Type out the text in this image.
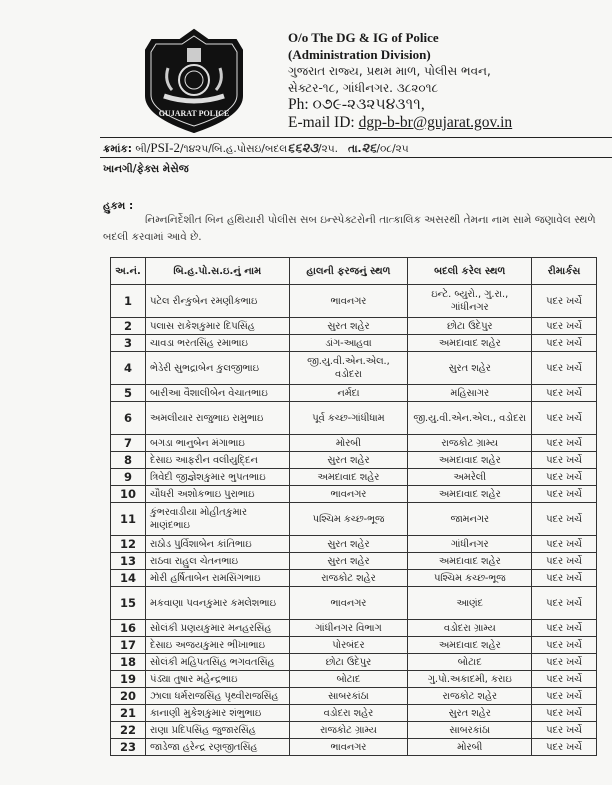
GUJARAT POLICE
O/o The DG & IG of Police
(Administration Division)
ગુજરાત રાજ્ય, પ્રથમ માળ, પોલીસ ભવન,
સેક્ટર-૧૮, ગાંધીનગર. ૩૮૨૦૧૮
Ph: ૦૭૯-૨૩૨૫૪૩૧૧,
E-mail ID: dgp-b-br@gujarat.gov.in
ક્રમાંક: બી/PSI-2/૧૪૨૫/બિ.હ.પોસઇ/બદલ૬૬૨૩/૨૫. તા.૨૬/૦૮/૨૫
ખાનગી/ફેક્સ મેસેજ
હુકમ :
નિમ્નનિર્દેશીત બિન હથિયારી પોલીસ સબ ઇન્સ્પેક્ટરોની તાત્કાલિક અસરથી તેમના નામ સામે જણાવેલ સ્થળે બદલી કરવામાં આવે છે.
અ.નં.	બિ.હ.પો.સ.ઇ.નું નામ	હાલની ફરજનું સ્થળ	બદલી કરેલ સ્થળ	રીમાર્કસ
1	પટેલ રીન્કુબેન રમણીકભાઇ	ભાવનગર	ઇન્ટે. બ્યુરો., ગુ.રા., ગાંધીનગર	પદર ખર્ચે
2	પલાસ રાકેશકુમાર દિપસિંહ	સુરત શહેર	છોટા ઉદેપુર	પદર ખર્ચે
3	ચાવડા ભરતસિંહ રમાભાઇ	ડાંગ-આહવા	અમદાવાદ શહેર	પદર ખર્ચે
4	ભેડેરી સુભદ્રાબેન કુલજીભાઇ	જી.યુ.વી.એન.એલ., વડોદરા	સુરત શહેર	પદર ખર્ચે
5	બારીઆ વૈશાલીબેન વેચાતભાઇ	નર્મદા	મહિસાગર	પદર ખર્ચે
6	અમલીયાર રાજુભાઇ રામુભાઇ	પૂર્વ કચ્છ-ગાંધીધામ	જી.યુ.વી.એન.એલ., વડોદરા	પદર ખર્ચે
7	બગડા ભાનુબેન મંગાભાઇ	મોરબી	રાજકોટ ગ્રામ્ય	પદર ખર્ચે
8	દેસાઇ આફરીન વલીયુદ્દિન	સુરત શહેર	અમદાવાદ શહેર	પદર ખર્ચે
9	ત્રિવેદી જીજ્ઞેશકુમાર ભુપતભાઇ	અમદાવાદ શહેર	અમરેલી	પદર ખર્ચે
10	ચૌધરી અશોકભાઇ પુરાભાઇ	ભાવનગર	અમદાવાદ શહેર	પદર ખર્ચે
11	કુંભરવાડીયા મોહીતકુમાર માણંદભાઇ	પશ્ચિમ કચ્છ-ભૂજ	જામનગર	પદર ખર્ચે
12	રાઠોડ પુર્વિશાબેન કાંતિભાઇ	સુરત શહેર	ગાંધીનગર	પદર ખર્ચે
13	રાઠવા રાહુલ ચેતનભાઇ	સુરત શહેર	અમદાવાદ શહેર	પદર ખર્ચે
14	મોરી હર્ષિતાબેન રામસિંગભાઇ	રાજકોટ શહેર	પશ્ચિમ કચ્છ-ભૂજ	પદર ખર્ચે
15	મકવાણા પવનકુમાર કમલેશભાઇ	ભાવનગર	આણંદ	પદર ખર્ચે
16	સોલંકી પ્રણયકુમાર મનહરસિંહ	ગાંધીનગર વિભાગ	વડોદરા ગ્રામ્ય	પદર ખર્ચે
17	દેસાઇ અજયકુમાર ભીખાભાઇ	પોરબંદર	અમદાવાદ શહેર	પદર ખર્ચે
18	સોલંકી મહિપતસિંહ ભગવતસિંહ	છોટા ઉદેપુર	બોટાદ	પદર ખર્ચે
19	પંડ્યા તુષાર મહેન્દ્રભાઇ	બોટાદ	ગુ.પો.અકાદમી, કરાઇ	પદર ખર્ચે
20	ઝાલા ધર્મરાજસિંહ પૃથ્વીરાજસિંહ	સાબરકાંઠા	રાજકોટ શહેર	પદર ખર્ચે
21	કાનાણી મુકેશકુમાર શંભુભાઇ	વડોદરા શહેર	સુરત શહેર	પદર ખર્ચે
22	રાણા પ્રદિપસિંહ જુજારસિંહ	રાજકોટ ગ્રામ્ય	સાબરકાંઠા	પદર ખર્ચે
23	જાડેજા હરેન્દ્ર રણજીતસિંહ	ભાવનગર	મોરબી	પદર ખર્ચે
